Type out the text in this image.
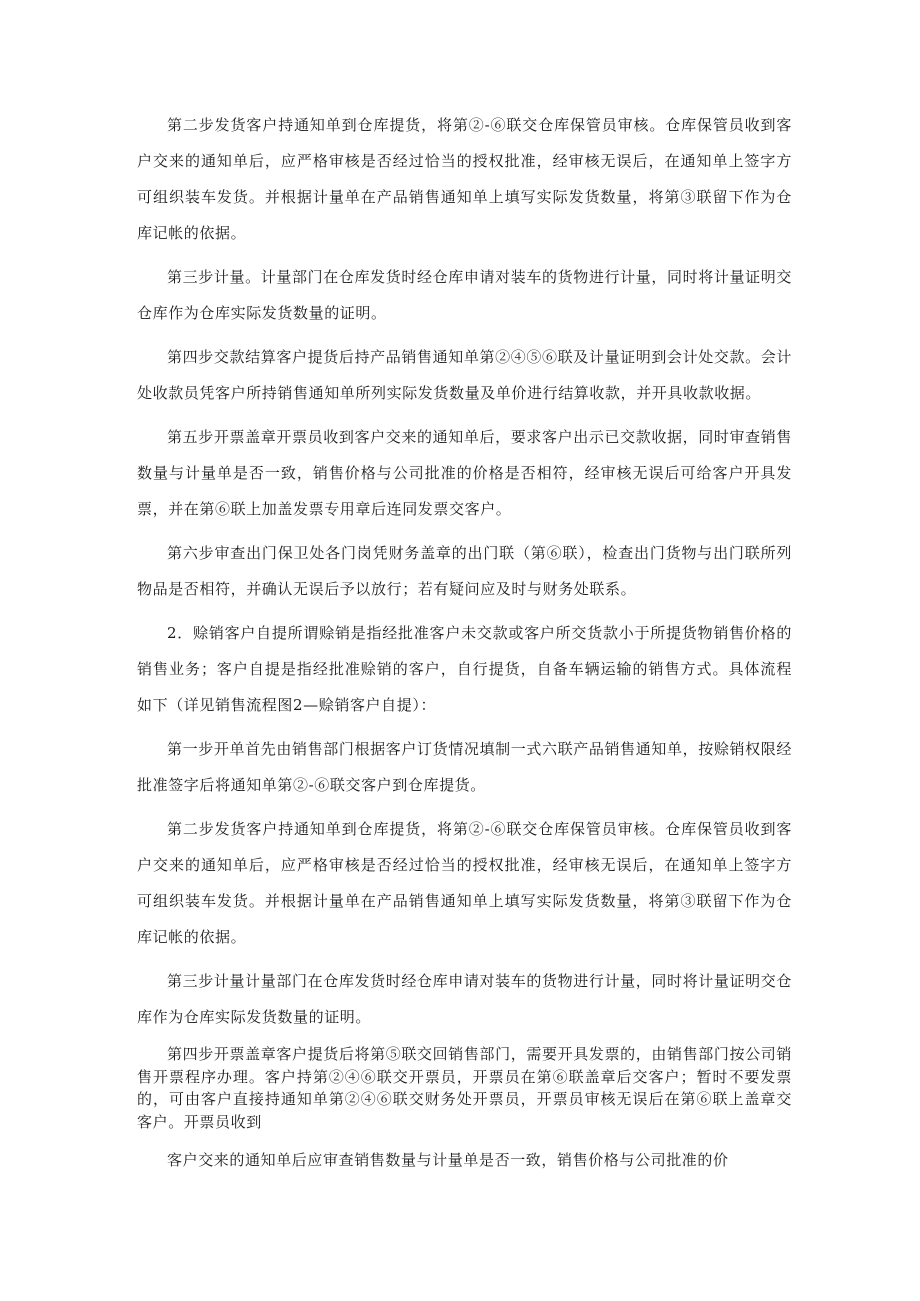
第二步发货客户持通知单到仓库提货，将第②-⑥联交仓库保管员审核。仓库保管员收到客户交来的通知单后，应严格审核是否经过恰当的授权批准，经审核无误后，在通知单上签字方可组织装车发货。并根据计量单在产品销售通知单上填写实际发货数量，将第③联留下作为仓库记帐的依据。

第三步计量。计量部门在仓库发货时经仓库申请对装车的货物进行计量，同时将计量证明交仓库作为仓库实际发货数量的证明。

第四步交款结算客户提货后持产品销售通知单第②④⑤⑥联及计量证明到会计处交款。会计处收款员凭客户所持销售通知单所列实际发货数量及单价进行结算收款，并开具收款收据。

第五步开票盖章开票员收到客户交来的通知单后，要求客户出示已交款收据，同时审查销售数量与计量单是否一致，销售价格与公司批准的价格是否相符，经审核无误后可给客户开具发票，并在第⑥联上加盖发票专用章后连同发票交客户。

第六步审查出门保卫处各门岗凭财务盖章的出门联（第⑥联），检查出门货物与出门联所列物品是否相符，并确认无误后予以放行；若有疑问应及时与财务处联系。

2．赊销客户自提所谓赊销是指经批准客户未交款或客户所交货款小于所提货物销售价格的销售业务；客户自提是指经批准赊销的客户，自行提货，自备车辆运输的销售方式。具体流程如下（详见销售流程图2—赊销客户自提）：

第一步开单首先由销售部门根据客户订货情况填制一式六联产品销售通知单，按赊销权限经批准签字后将通知单第②-⑥联交客户到仓库提货。

第二步发货客户持通知单到仓库提货，将第②-⑥联交仓库保管员审核。仓库保管员收到客户交来的通知单后，应严格审核是否经过恰当的授权批准，经审核无误后，在通知单上签字方可组织装车发货。并根据计量单在产品销售通知单上填写实际发货数量，将第③联留下作为仓库记帐的依据。

第三步计量计量部门在仓库发货时经仓库申请对装车的货物进行计量，同时将计量证明交仓库作为仓库实际发货数量的证明。

第四步开票盖章客户提货后将第⑤联交回销售部门，需要开具发票的，由销售部门按公司销售开票程序办理。客户持第②④⑥联交开票员，开票员在第⑥联盖章后交客户；暂时不要发票的，可由客户直接持通知单第②④⑥联交财务处开票员，开票员审核无误后在第⑥联上盖章交客户。开票员收到

客户交来的通知单后应审查销售数量与计量单是否一致，销售价格与公司批准的价
